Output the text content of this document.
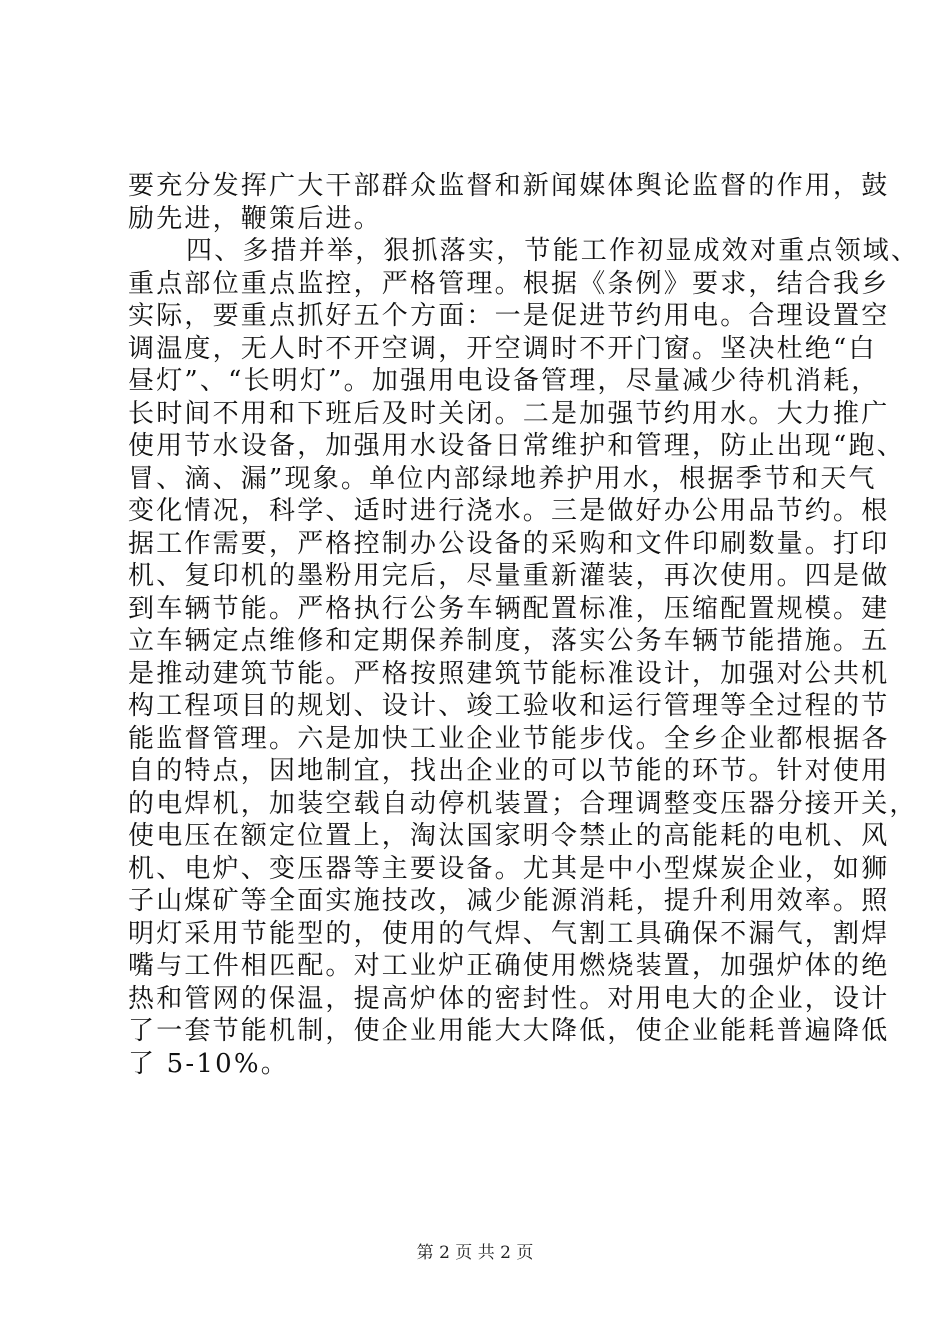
要充分发挥广大干部群众监督和新闻媒体舆论监督的作用，鼓
励先进，鞭策后进。
四、多措并举，狠抓落实，节能工作初显成效对重点领域、
重点部位重点监控，严格管理。根据《条例》要求，结合我乡
实际，要重点抓好五个方面：一是促进节约用电。合理设置空
调温度，无人时不开空调，开空调时不开门窗。坚决杜绝“白
昼灯”、“长明灯”。加强用电设备管理，尽量减少待机消耗，
长时间不用和下班后及时关闭。二是加强节约用水。大力推广
使用节水设备，加强用水设备日常维护和管理，防止出现“跑、
冒、滴、漏”现象。单位内部绿地养护用水，根据季节和天气
变化情况，科学、适时进行浇水。三是做好办公用品节约。根
据工作需要，严格控制办公设备的采购和文件印刷数量。打印
机、复印机的墨粉用完后，尽量重新灌装，再次使用。四是做
到车辆节能。严格执行公务车辆配置标准，压缩配置规模。建
立车辆定点维修和定期保养制度，落实公务车辆节能措施。五
是推动建筑节能。严格按照建筑节能标准设计，加强对公共机
构工程项目的规划、设计、竣工验收和运行管理等全过程的节
能监督管理。六是加快工业企业节能步伐。全乡企业都根据各
自的特点，因地制宜，找出企业的可以节能的环节。针对使用
的电焊机，加装空载自动停机装置；合理调整变压器分接开关，
使电压在额定位置上，淘汰国家明令禁止的高能耗的电机、风
机、电炉、变压器等主要设备。尤其是中小型煤炭企业，如狮
子山煤矿等全面实施技改，减少能源消耗，提升利用效率。照
明灯采用节能型的，使用的气焊、气割工具确保不漏气，割焊
嘴与工件相匹配。对工业炉正确使用燃烧装置，加强炉体的绝
热和管网的保温，提高炉体的密封性。对用电大的企业，设计
了一套节能机制，使企业用能大大降低，使企业能耗普遍降低
了 5-10%。
第 2 页 共 2 页
